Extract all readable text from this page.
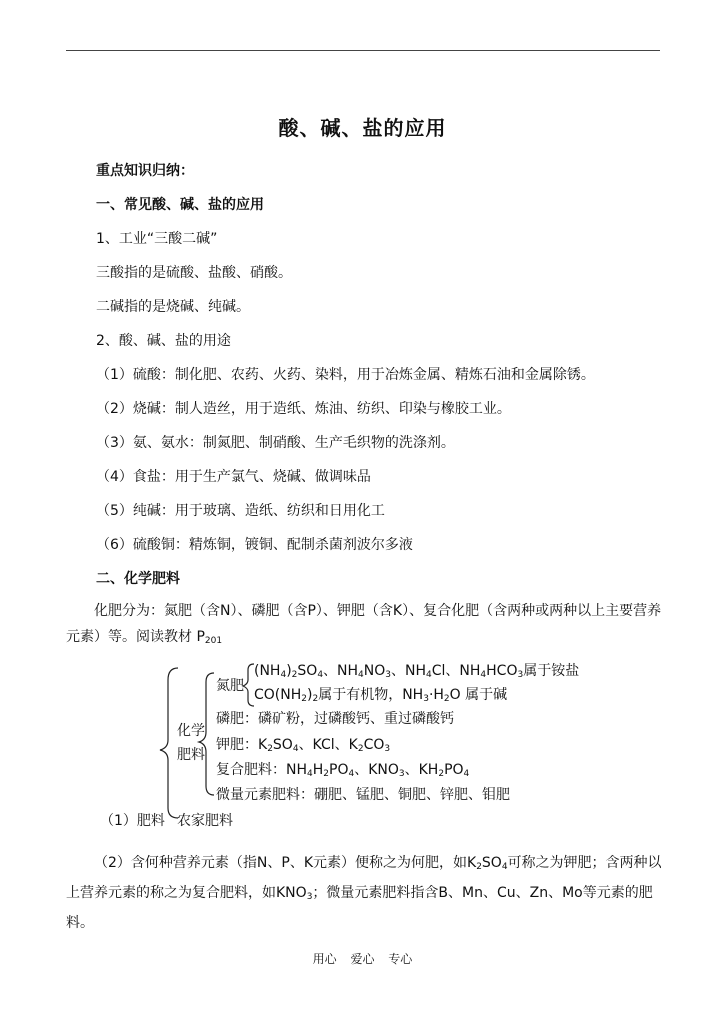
酸、碱、盐的应用
重点知识归纳：
一、常见酸、碱、盐的应用
1、工业“三酸二碱”
三酸指的是硫酸、盐酸、硝酸。
二碱指的是烧碱、纯碱。
2、酸、碱、盐的用途
（1）硫酸：制化肥、农药、火药、染料，用于冶炼金属、精炼石油和金属除锈。
（2）烧碱：制人造丝，用于造纸、炼油、纺织、印染与橡胶工业。
（3）氨、氨水：制氮肥、制硝酸、生产毛织物的洗涤剂。
（4）食盐：用于生产氯气、烧碱、做调味品
（5）纯碱：用于玻璃、造纸、纺织和日用化工
（6）硫酸铜：精炼铜，镀铜、配制杀菌剂波尔多液
二、化学肥料
化肥分为：氮肥（含N）、磷肥（含P）、钾肥（含K）、复合化肥（含两种或两种以上主要营养元素）等。阅读教材 $P_{201}$
化学
肥料
氮肥
$(NH_4)_2SO_4$、$NH_4NO_3$、$NH_4Cl$、$NH_4HCO_3$属于铵盐
$CO(NH_2)_2$属于有机物，$NH_3\cdot H_2O$ 属于碱
磷肥：磷矿粉，过磷酸钙、重过磷酸钙
钾肥：$K_2SO_4$、KCl、$K_2CO_3$
复合肥料：$NH_4H_2PO_4$、$KNO_3$、$KH_2PO_4$
微量元素肥料：硼肥、锰肥、铜肥、锌肥、钼肥
（1）肥料 农家肥料
（2）含何种营养元素（指N、P、K元素）便称之为何肥，如$K_2SO_4$可称之为钾肥；含两种以上营养元素的称之为复合肥料，如$KNO_3$；微量元素肥料指含B、Mn、Cu、Zn、Mo等元素的肥料。
用心 爱心 专心
